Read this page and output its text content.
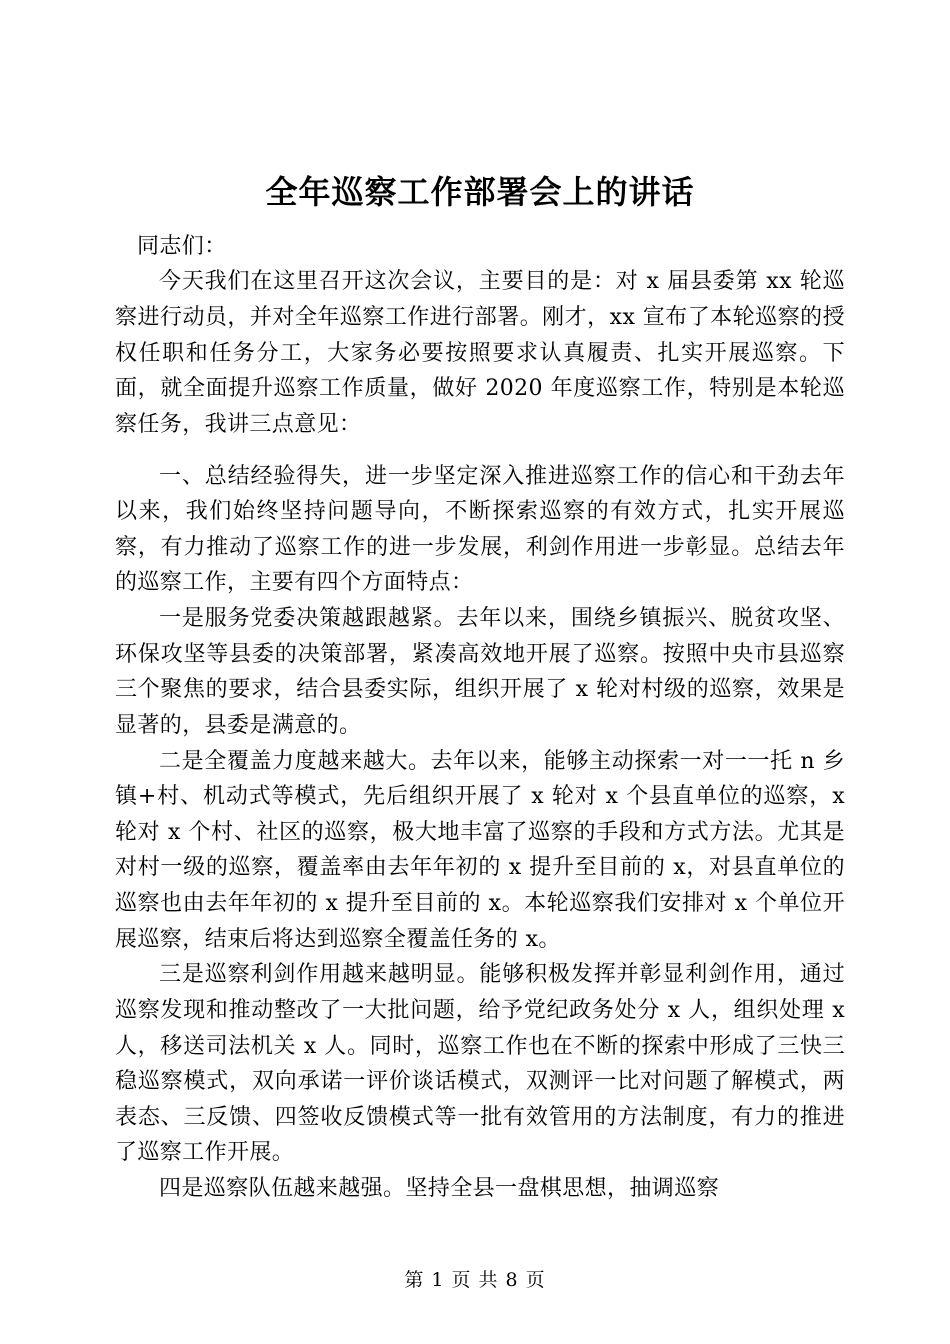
全年巡察工作部署会上的讲话

同志们：

今天我们在这里召开这次会议，主要目的是：对 x 届县委第 xx 轮巡察进行动员，并对全年巡察工作进行部署。刚才，xx 宣布了本轮巡察的授权任职和任务分工，大家务必要按照要求认真履责、扎实开展巡察。下面，就全面提升巡察工作质量，做好 2020 年度巡察工作，特别是本轮巡察任务，我讲三点意见：

一、总结经验得失，进一步坚定深入推进巡察工作的信心和干劲去年以来，我们始终坚持问题导向，不断探索巡察的有效方式，扎实开展巡察，有力推动了巡察工作的进一步发展，利剑作用进一步彰显。总结去年的巡察工作，主要有四个方面特点：

一是服务党委决策越跟越紧。去年以来，围绕乡镇振兴、脱贫攻坚、环保攻坚等县委的决策部署，紧凑高效地开展了巡察。按照中央市县巡察三个聚焦的要求，结合县委实际，组织开展了 x 轮对村级的巡察，效果是显著的，县委是满意的。

二是全覆盖力度越来越大。去年以来，能够主动探索一对一一托 n 乡镇+村、机动式等模式，先后组织开展了 x 轮对 x 个县直单位的巡察，x 轮对 x 个村、社区的巡察，极大地丰富了巡察的手段和方式方法。尤其是对村一级的巡察，覆盖率由去年年初的 x 提升至目前的 x，对县直单位的巡察也由去年年初的 x 提升至目前的 x。本轮巡察我们安排对 x 个单位开展巡察，结束后将达到巡察全覆盖任务的 x。

三是巡察利剑作用越来越明显。能够积极发挥并彰显利剑作用，通过巡察发现和推动整改了一大批问题，给予党纪政务处分 x 人，组织处理 x 人，移送司法机关 x 人。同时，巡察工作也在不断的探索中形成了三快三稳巡察模式，双向承诺一评价谈话模式，双测评一比对问题了解模式，两表态、三反馈、四签收反馈模式等一批有效管用的方法制度，有力的推进了巡察工作开展。

四是巡察队伍越来越强。坚持全县一盘棋思想，抽调巡察

第 1 页 共 8 页
